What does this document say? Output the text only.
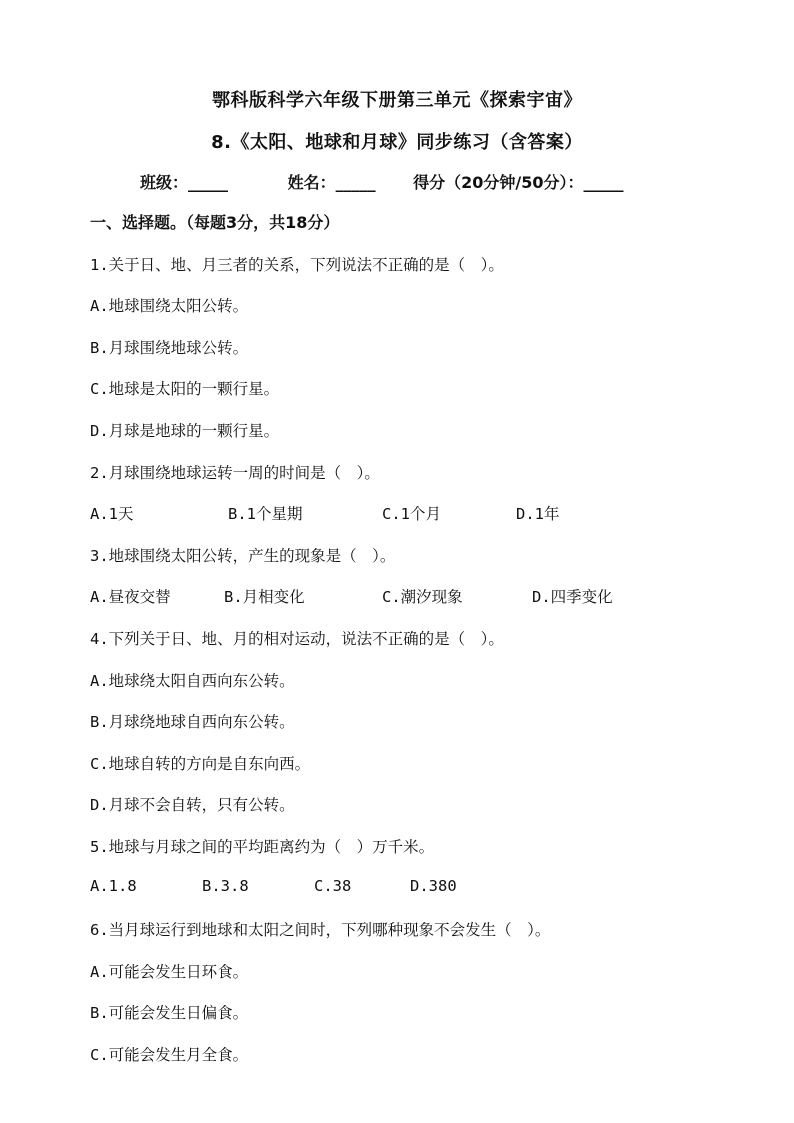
鄂科版科学六年级下册第三单元《探索宇宙》
8.《太阳、地球和月球》同步练习（含答案）
班级：_____	姓名：_____ 得分（20分钟/50分）：_____
一、选择题。（每题3分，共18分）
1.关于日、地、月三者的关系，下列说法不正确的是（　）。
A.地球围绕太阳公转。
B.月球围绕地球公转。
C.地球是太阳的一颗行星。
D.月球是地球的一颗行星。
2.月球围绕地球运转一周的时间是（　）。
A.1天	B.1个星期	C.1个月	D.1年
3.地球围绕太阳公转，产生的现象是（　）。
A.昼夜交替	B.月相变化	C.潮汐现象	D.四季变化
4.下列关于日、地、月的相对运动，说法不正确的是（　）。
A.地球绕太阳自西向东公转。
B.月球绕地球自西向东公转。
C.地球自转的方向是自东向西。
D.月球不会自转，只有公转。
5.地球与月球之间的平均距离约为（　）万千米。
A.1.8	B.3.8	C.38	D.380
6.当月球运行到地球和太阳之间时，下列哪种现象不会发生（　）。
A.可能会发生日环食。
B.可能会发生日偏食。
C.可能会发生月全食。
